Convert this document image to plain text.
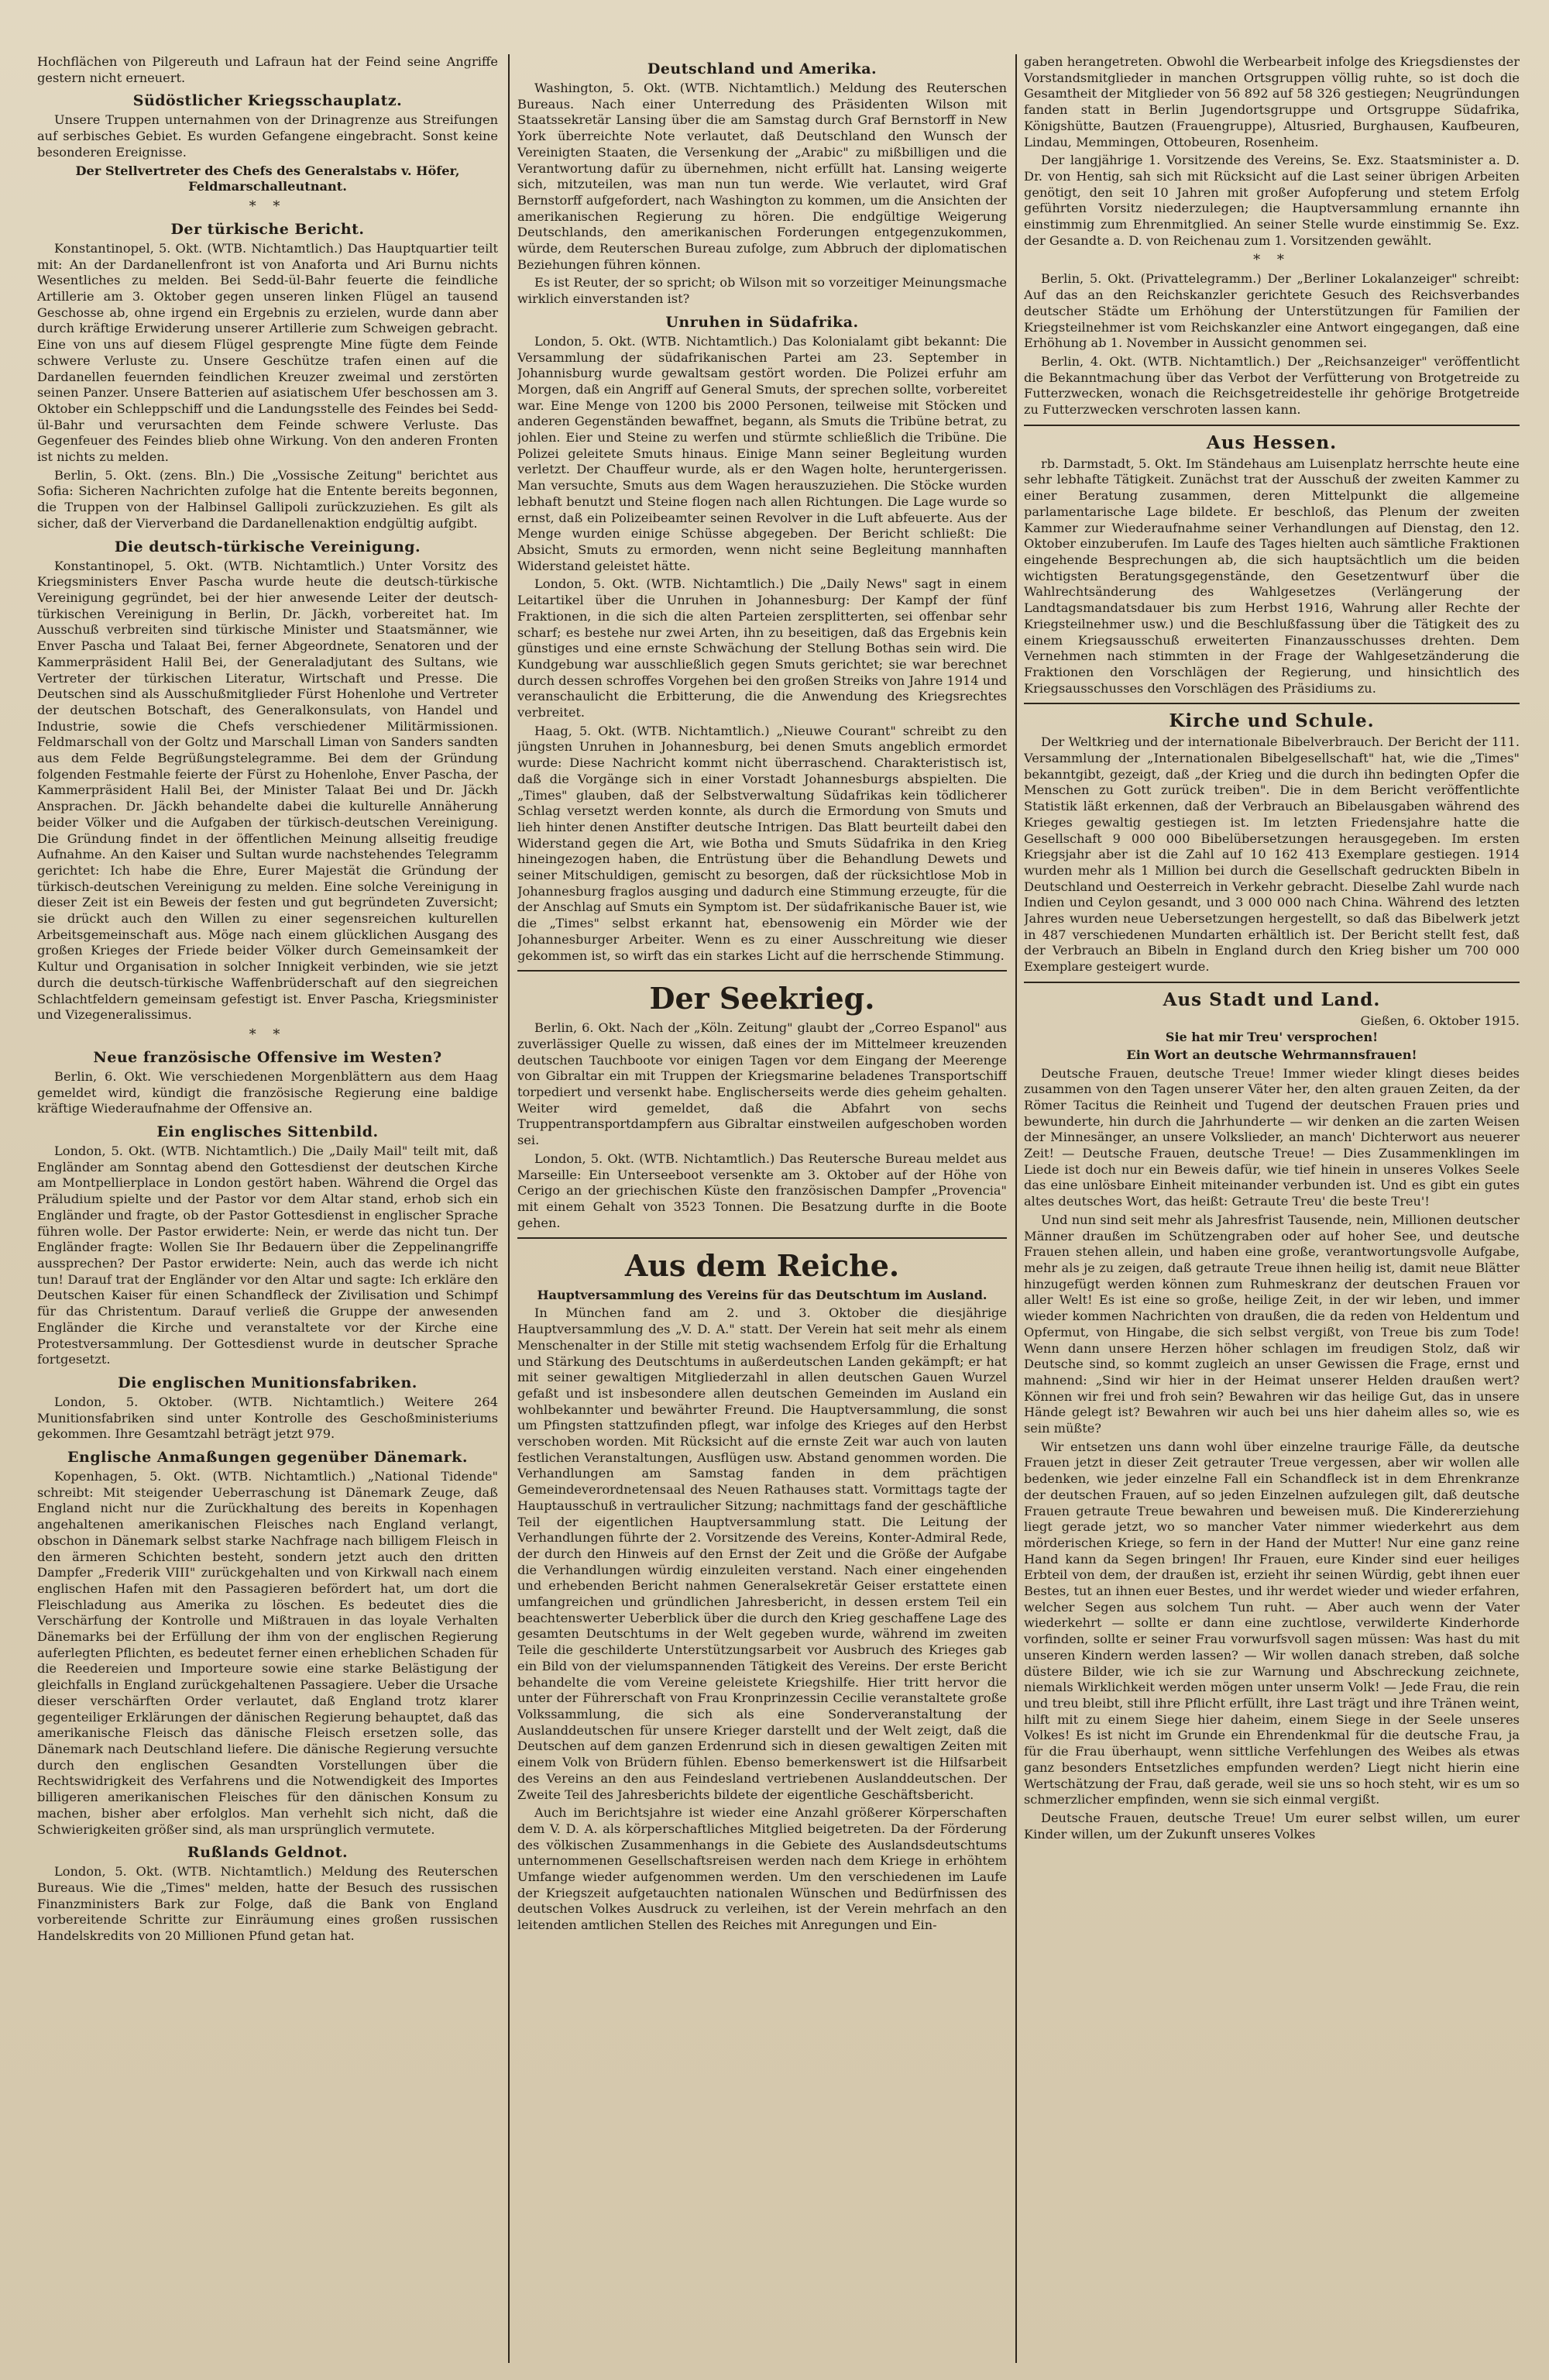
Hochflächen von Pilgereuth und Lafraun hat der Feind seine Angriffe gestern nicht erneuert.

Südöstlicher Kriegsschauplatz.

Unsere Truppen unternahmen von der Drinagrenze aus Streifungen auf serbisches Gebiet. Es wurden Gefangene eingebracht. Sonst keine besonderen Ereignisse.

Der Stellvertreter des Chefs des Generalstabs v. Höfer, Feldmarschalleutnant.

* *
Der türkische Bericht.

Konstantinopel, 5. Okt. (WTB. Nichtamtlich.) Das Hauptquartier teilt mit: An der Dardanellenfront ist von Anaforta und Ari Burnu nichts Wesentliches zu melden. Bei Sedd-ül-Bahr feuerte die feindliche Artillerie am 3. Oktober gegen unseren linken Flügel an tausend Geschosse ab, ohne irgend ein Ergebnis zu erzielen, wurde dann aber durch kräftige Erwiderung unserer Artillerie zum Schweigen gebracht. Eine von uns auf diesem Flügel gesprengte Mine fügte dem Feinde schwere Verluste zu. Unsere Geschütze trafen einen auf die Dardanellen feuernden feindlichen Kreuzer zweimal und zerstörten seinen Panzer. Unsere Batterien auf asiatischem Ufer beschossen am 3. Oktober ein Schleppschiff und die Landungsstelle des Feindes bei Sedd-ül-Bahr und verursachten dem Feinde schwere Verluste. Das Gegenfeuer des Feindes blieb ohne Wirkung. Von den anderen Fronten ist nichts zu melden.

Berlin, 5. Okt. (zens. Bln.) Die „Vossische Zeitung" berichtet aus Sofia: Sicheren Nachrichten zufolge hat die Entente bereits begonnen, die Truppen von der Halbinsel Gallipoli zurückzuziehen. Es gilt als sicher, daß der Vierverband die Dardanellenaktion endgültig aufgibt.

Die deutsch-türkische Vereinigung.

Konstantinopel, 5. Okt. (WTB. Nichtamtlich.) Unter Vorsitz des Kriegsministers Enver Pascha wurde heute die deutsch-türkische Vereinigung gegründet, bei der hier anwesende Leiter der deutsch-türkischen Vereinigung in Berlin, Dr. Jäckh, vorbereitet hat. Im Ausschuß verbreiten sind türkische Minister und Staatsmänner, wie Enver Pascha und Talaat Bei, ferner Abgeordnete, Senatoren und der Kammerpräsident Halil Bei, der Generaladjutant des Sultans, wie Vertreter der türkischen Literatur, Wirtschaft und Presse. Die Deutschen sind als Ausschußmitglieder Fürst Hohenlohe und Vertreter der deutschen Botschaft, des Generalkonsulats, von Handel und Industrie, sowie die Chefs verschiedener Militärmissionen. Feldmarschall von der Goltz und Marschall Liman von Sanders sandten aus dem Felde Begrüßungstelegramme. Bei dem der Gründung folgenden Festmahle feierte der Fürst zu Hohenlohe, Enver Pascha, der Kammerpräsident Halil Bei, der Minister Talaat Bei und Dr. Jäckh Ansprachen. Dr. Jäckh behandelte dabei die kulturelle Annäherung beider Völker und die Aufgaben der türkisch-deutschen Vereinigung. Die Gründung findet in der öffentlichen Meinung allseitig freudige Aufnahme. An den Kaiser und Sultan wurde nachstehendes Telegramm gerichtet: Ich habe die Ehre, Eurer Majestät die Gründung der türkisch-deutschen Vereinigung zu melden. Eine solche Vereinigung in dieser Zeit ist ein Beweis der festen und gut begründeten Zuversicht; sie drückt auch den Willen zu einer segensreichen kulturellen Arbeitsgemeinschaft aus. Möge nach einem glücklichen Ausgang des großen Krieges der Friede beider Völker durch Gemeinsamkeit der Kultur und Organisation in solcher Innigkeit verbinden, wie sie jetzt durch die deutsch-türkische Waffenbrüderschaft auf den siegreichen Schlachtfeldern gemeinsam gefestigt ist. Enver Pascha, Kriegsminister und Vizegeneralissimus.

* *
Neue französische Offensive im Westen?

Berlin, 6. Okt. Wie verschiedenen Morgenblättern aus dem Haag gemeldet wird, kündigt die französische Regierung eine baldige kräftige Wiederaufnahme der Offensive an.

Ein englisches Sittenbild.

London, 5. Okt. (WTB. Nichtamtlich.) Die „Daily Mail" teilt mit, daß Engländer am Sonntag abend den Gottesdienst der deutschen Kirche am Montpellierplace in London gestört haben. Während die Orgel das Präludium spielte und der Pastor vor dem Altar stand, erhob sich ein Engländer und fragte, ob der Pastor Gottesdienst in englischer Sprache führen wolle. Der Pastor erwiderte: Nein, er werde das nicht tun. Der Engländer fragte: Wollen Sie Ihr Bedauern über die Zeppelinangriffe aussprechen? Der Pastor erwiderte: Nein, auch das werde ich nicht tun! Darauf trat der Engländer vor den Altar und sagte: Ich erkläre den Deutschen Kaiser für einen Schandfleck der Zivilisation und Schimpf für das Christentum. Darauf verließ die Gruppe der anwesenden Engländer die Kirche und veranstaltete vor der Kirche eine Protestversammlung. Der Gottesdienst wurde in deutscher Sprache fortgesetzt.

Die englischen Munitionsfabriken.

London, 5. Oktober. (WTB. Nichtamtlich.) Weitere 264 Munitionsfabriken sind unter Kontrolle des Geschoßministeriums gekommen. Ihre Gesamtzahl beträgt jetzt 979.

Englische Anmaßungen gegenüber Dänemark.

Kopenhagen, 5. Okt. (WTB. Nichtamtlich.) „National Tidende" schreibt: Mit steigender Ueberraschung ist Dänemark Zeuge, daß England nicht nur die Zurückhaltung des bereits in Kopenhagen angehaltenen amerikanischen Fleisches nach England verlangt, obschon in Dänemark selbst starke Nachfrage nach billigem Fleisch in den ärmeren Schichten besteht, sondern jetzt auch den dritten Dampfer „Frederik VIII" zurückgehalten und von Kirkwall nach einem englischen Hafen mit den Passagieren befördert hat, um dort die Fleischladung aus Amerika zu löschen. Es bedeutet dies die Verschärfung der Kontrolle und Mißtrauen in das loyale Verhalten Dänemarks bei der Erfüllung der ihm von der englischen Regierung auferlegten Pflichten, es bedeutet ferner einen erheblichen Schaden für die Reedereien und Importeure sowie eine starke Belästigung der gleichfalls in England zurückgehaltenen Passagiere. Ueber die Ursache dieser verschärften Order verlautet, daß England trotz klarer gegenteiliger Erklärungen der dänischen Regierung behauptet, daß das amerikanische Fleisch das dänische Fleisch ersetzen solle, das Dänemark nach Deutschland liefere. Die dänische Regierung versuchte durch den englischen Gesandten Vorstellungen über die Rechtswidrigkeit des Verfahrens und die Notwendigkeit des Importes billigeren amerikanischen Fleisches für den dänischen Konsum zu machen, bisher aber erfolglos. Man verhehlt sich nicht, daß die Schwierigkeiten größer sind, als man ursprünglich vermutete.

Rußlands Geldnot.

London, 5. Okt. (WTB. Nichtamtlich.) Meldung des Reuterschen Bureaus. Wie die „Times" melden, hatte der Besuch des russischen Finanzministers Bark zur Folge, daß die Bank von England vorbereitende Schritte zur Einräumung eines großen russischen Handelskredits von 20 Millionen Pfund getan hat.

Deutschland und Amerika.

Washington, 5. Okt. (WTB. Nichtamtlich.) Meldung des Reuterschen Bureaus. Nach einer Unterredung des Präsidenten Wilson mit Staatssekretär Lansing über die am Samstag durch Graf Bernstorff in New York überreichte Note verlautet, daß Deutschland den Wunsch der Vereinigten Staaten, die Versenkung der „Arabic" zu mißbilligen und die Verantwortung dafür zu übernehmen, nicht erfüllt hat. Lansing weigerte sich, mitzuteilen, was man nun tun werde. Wie verlautet, wird Graf Bernstorff aufgefordert, nach Washington zu kommen, um die Ansichten der amerikanischen Regierung zu hören. Die endgültige Weigerung Deutschlands, den amerikanischen Forderungen entgegenzukommen, würde, dem Reuterschen Bureau zufolge, zum Abbruch der diplomatischen Beziehungen führen können.

Es ist Reuter, der so spricht; ob Wilson mit so vorzeitiger Meinungsmache wirklich einverstanden ist?

Unruhen in Südafrika.

London, 5. Okt. (WTB. Nichtamtlich.) Das Kolonialamt gibt bekannt: Die Versammlung der südafrikanischen Partei am 23. September in Johannisburg wurde gewaltsam gestört worden. Die Polizei erfuhr am Morgen, daß ein Angriff auf General Smuts, der sprechen sollte, vorbereitet war. Eine Menge von 1200 bis 2000 Personen, teilweise mit Stöcken und anderen Gegenständen bewaffnet, begann, als Smuts die Tribüne betrat, zu johlen. Eier und Steine zu werfen und stürmte schließlich die Tribüne. Die Polizei geleitete Smuts hinaus. Einige Mann seiner Begleitung wurden verletzt. Der Chauffeur wurde, als er den Wagen holte, heruntergerissen. Man versuchte, Smuts aus dem Wagen herauszuziehen. Die Stöcke wurden lebhaft benutzt und Steine flogen nach allen Richtungen. Die Lage wurde so ernst, daß ein Polizeibeamter seinen Revolver in die Luft abfeuerte. Aus der Menge wurden einige Schüsse abgegeben. Der Bericht schließt: Die Absicht, Smuts zu ermorden, wenn nicht seine Begleitung mannhaften Widerstand geleistet hätte.

London, 5. Okt. (WTB. Nichtamtlich.) Die „Daily News" sagt in einem Leitartikel über die Unruhen in Johannesburg: Der Kampf der fünf Fraktionen, in die sich die alten Parteien zersplitterten, sei offenbar sehr scharf; es bestehe nur zwei Arten, ihn zu beseitigen, daß das Ergebnis kein günstiges und eine ernste Schwächung der Stellung Bothas sein wird. Die Kundgebung war ausschließlich gegen Smuts gerichtet; sie war berechnet durch dessen schroffes Vorgehen bei den großen Streiks von Jahre 1914 und veranschaulicht die Erbitterung, die die Anwendung des Kriegsrechtes verbreitet.

Haag, 5. Okt. (WTB. Nichtamtlich.) „Nieuwe Courant" schreibt zu den jüngsten Unruhen in Johannesburg, bei denen Smuts angeblich ermordet wurde: Diese Nachricht kommt nicht überraschend. Charakteristisch ist, daß die Vorgänge sich in einer Vorstadt Johannesburgs abspielten. Die „Times" glauben, daß der Selbstverwaltung Südafrikas kein tödlicherer Schlag versetzt werden konnte, als durch die Ermordung von Smuts und lieh hinter denen Anstifter deutsche Intrigen. Das Blatt beurteilt dabei den Widerstand gegen die Art, wie Botha und Smuts Südafrika in den Krieg hineingezogen haben, die Entrüstung über die Behandlung Dewets und seiner Mitschuldigen, gemischt zu besorgen, daß der rücksichtlose Mob in Johannesburg fraglos ausging und dadurch eine Stimmung erzeugte, für die der Anschlag auf Smuts ein Symptom ist. Der südafrikanische Bauer ist, wie die „Times" selbst erkannt hat, ebensowenig ein Mörder wie der Johannesburger Arbeiter. Wenn es zu einer Ausschreitung wie dieser gekommen ist, so wirft das ein starkes Licht auf die herrschende Stimmung.

Der Seekrieg.

Berlin, 6. Okt. Nach der „Köln. Zeitung" glaubt der „Correo Espanol" aus zuverlässiger Quelle zu wissen, daß eines der im Mittelmeer kreuzenden deutschen Tauchboote vor einigen Tagen vor dem Eingang der Meerenge von Gibraltar ein mit Truppen der Kriegsmarine beladenes Transportschiff torpediert und versenkt habe. Englischerseits werde dies geheim gehalten. Weiter wird gemeldet, daß die Abfahrt von sechs Truppentransportdampfern aus Gibraltar einstweilen aufgeschoben worden sei.

London, 5. Okt. (WTB. Nichtamtlich.) Das Reutersche Bureau meldet aus Marseille: Ein Unterseeboot versenkte am 3. Oktober auf der Höhe von Cerigo an der griechischen Küste den französischen Dampfer „Provencia" mit einem Gehalt von 3523 Tonnen. Die Besatzung durfte in die Boote gehen.

Aus dem Reiche.
Hauptversammlung des Vereins für das Deutschtum im Ausland.

In München fand am 2. und 3. Oktober die diesjährige Hauptversammlung des „V. D. A." statt. Der Verein hat seit mehr als einem Menschenalter in der Stille mit stetig wachsendem Erfolg für die Erhaltung und Stärkung des Deutschtums in außerdeutschen Landen gekämpft; er hat mit seiner gewaltigen Mitgliederzahl in allen deutschen Gauen Wurzel gefaßt und ist insbesondere allen deutschen Gemeinden im Ausland ein wohlbekannter und bewährter Freund. Die Hauptversammlung, die sonst um Pfingsten stattzufinden pflegt, war infolge des Krieges auf den Herbst verschoben worden. Mit Rücksicht auf die ernste Zeit war auch von lauten festlichen Veranstaltungen, Ausflügen usw. Abstand genommen worden. Die Verhandlungen am Samstag fanden in dem prächtigen Gemeindeverordnetensaal des Neuen Rathauses statt. Vormittags tagte der Hauptausschuß in vertraulicher Sitzung; nachmittags fand der geschäftliche Teil der eigentlichen Hauptversammlung statt. Die Leitung der Verhandlungen führte der 2. Vorsitzende des Vereins, Konter-Admiral Rede, der durch den Hinweis auf den Ernst der Zeit und die Größe der Aufgabe die Verhandlungen würdig einzuleiten verstand. Nach einer eingehenden und erhebenden Bericht nahmen Generalsekretär Geiser erstattete einen umfangreichen und gründlichen Jahresbericht, in dessen erstem Teil ein beachtenswerter Ueberblick über die durch den Krieg geschaffene Lage des gesamten Deutschtums in der Welt gegeben wurde, während im zweiten Teile die geschilderte Unterstützungsarbeit vor Ausbruch des Krieges gab ein Bild von der vielumspannenden Tätigkeit des Vereins. Der erste Bericht behandelte die vom Vereine geleistete Kriegshilfe. Hier tritt hervor die unter der Führerschaft von Frau Kronprinzessin Cecilie veranstaltete große Volkssammlung, die sich als eine Sonderveranstaltung der Auslanddeutschen für unsere Krieger darstellt und der Welt zeigt, daß die Deutschen auf dem ganzen Erdenrund sich in diesen gewaltigen Zeiten mit einem Volk von Brüdern fühlen. Ebenso bemerkenswert ist die Hilfsarbeit des Vereins an den aus Feindesland vertriebenen Auslanddeutschen. Der Zweite Teil des Jahresberichts bildete der eigentliche Geschäftsbericht.

Auch im Berichtsjahre ist wieder eine Anzahl größerer Körperschaften dem V. D. A. als körperschaftliches Mitglied beigetreten. Da der Förderung des völkischen Zusammenhangs in die Gebiete des Auslandsdeutschtums unternommenen Gesellschaftsreisen werden nach dem Kriege in erhöhtem Umfange wieder aufgenommen werden. Um den verschiedenen im Laufe der Kriegszeit aufgetauchten nationalen Wünschen und Bedürfnissen des deutschen Volkes Ausdruck zu verleihen, ist der Verein mehrfach an den leitenden amtlichen Stellen des Reiches mit Anregungen und Ein-

gaben herangetreten. Obwohl die Werbearbeit infolge des Kriegsdienstes der Vorstandsmitglieder in manchen Ortsgruppen völlig ruhte, so ist doch die Gesamtheit der Mitglieder von 56 892 auf 58 326 gestiegen; Neugründungen fanden statt in Berlin Jugendortsgruppe und Ortsgruppe Südafrika, Königshütte, Bautzen (Frauengruppe), Altusried, Burghausen, Kaufbeuren, Lindau, Memmingen, Ottobeuren, Rosenheim.

Der langjährige 1. Vorsitzende des Vereins, Se. Exz. Staatsminister a. D. Dr. von Hentig, sah sich mit Rücksicht auf die Last seiner übrigen Arbeiten genötigt, den seit 10 Jahren mit großer Aufopferung und stetem Erfolg geführten Vorsitz niederzulegen; die Hauptversammlung ernannte ihn einstimmig zum Ehrenmitglied. An seiner Stelle wurde einstimmig Se. Exz. der Gesandte a. D. von Reichenau zum 1. Vorsitzenden gewählt.

* *

Berlin, 5. Okt. (Privattelegramm.) Der „Berliner Lokalanzeiger" schreibt: Auf das an den Reichskanzler gerichtete Gesuch des Reichsverbandes deutscher Städte um Erhöhung der Unterstützungen für Familien der Kriegsteilnehmer ist vom Reichskanzler eine Antwort eingegangen, daß eine Erhöhung ab 1. November in Aussicht genommen sei.

Berlin, 4. Okt. (WTB. Nichtamtlich.) Der „Reichsanzeiger" veröffentlicht die Bekanntmachung über das Verbot der Verfütterung von Brotgetreide zu Futterzwecken, wonach die Reichsgetreidestelle ihr gehörige Brotgetreide zu Futterzwecken verschroten lassen kann.

Aus Hessen.

rb. Darmstadt, 5. Okt. Im Ständehaus am Luisenplatz herrschte heute eine sehr lebhafte Tätigkeit. Zunächst trat der Ausschuß der zweiten Kammer zu einer Beratung zusammen, deren Mittelpunkt die allgemeine parlamentarische Lage bildete. Er beschloß, das Plenum der zweiten Kammer zur Wiederaufnahme seiner Verhandlungen auf Dienstag, den 12. Oktober einzuberufen. Im Laufe des Tages hielten auch sämtliche Fraktionen eingehende Besprechungen ab, die sich hauptsächtlich um die beiden wichtigsten Beratungsgegenstände, den Gesetzentwurf über die Wahlrechtsänderung des Wahlgesetzes (Verlängerung der Landtagsmandatsdauer bis zum Herbst 1916, Wahrung aller Rechte der Kriegsteilnehmer usw.) und die Beschlußfassung über die Tätigkeit des zu einem Kriegsausschuß erweiterten Finanzausschusses drehten. Dem Vernehmen nach stimmten in der Frage der Wahlgesetzänderung die Fraktionen den Vorschlägen der Regierung, und hinsichtlich des Kriegsausschusses den Vorschlägen des Präsidiums zu.

Kirche und Schule.

Der Weltkrieg und der internationale Bibelverbrauch. Der Bericht der 111. Versammlung der „Internationalen Bibelgesellschaft" hat, wie die „Times" bekanntgibt, gezeigt, daß „der Krieg und die durch ihn bedingten Opfer die Menschen zu Gott zurück treiben". Die in dem Bericht veröffentlichte Statistik läßt erkennen, daß der Verbrauch an Bibelausgaben während des Krieges gewaltig gestiegen ist. Im letzten Friedensjahre hatte die Gesellschaft 9 000 000 Bibelübersetzungen herausgegeben. Im ersten Kriegsjahr aber ist die Zahl auf 10 162 413 Exemplare gestiegen. 1914 wurden mehr als 1 Million bei durch die Gesellschaft gedruckten Bibeln in Deutschland und Oesterreich in Verkehr gebracht. Dieselbe Zahl wurde nach Indien und Ceylon gesandt, und 3 000 000 nach China. Während des letzten Jahres wurden neue Uebersetzungen hergestellt, so daß das Bibelwerk jetzt in 487 verschiedenen Mundarten erhältlich ist. Der Bericht stellt fest, daß der Verbrauch an Bibeln in England durch den Krieg bisher um 700 000 Exemplare gesteigert wurde.

Aus Stadt und Land.
Gießen, 6. Oktober 1915.
Sie hat mir Treu' versprochen!

Ein Wort an deutsche Wehrmannsfrauen!

Deutsche Frauen, deutsche Treue! Immer wieder klingt dieses beides zusammen von den Tagen unserer Väter her, den alten grauen Zeiten, da der Römer Tacitus die Reinheit und Tugend der deutschen Frauen pries und bewunderte, hin durch die Jahrhunderte — wir denken an die zarten Weisen der Minnesänger, an unsere Volkslieder, an manch' Dichterwort aus neuerer Zeit! — Deutsche Frauen, deutsche Treue! — Dies Zusammenklingen im Liede ist doch nur ein Beweis dafür, wie tief hinein in unseres Volkes Seele das eine unlösbare Einheit miteinander verbunden ist. Und es gibt ein gutes altes deutsches Wort, das heißt: Getraute Treu' die beste Treu'!

Und nun sind seit mehr als Jahresfrist Tausende, nein, Millionen deutscher Männer draußen im Schützengraben oder auf hoher See, und deutsche Frauen stehen allein, und haben eine große, verantwortungsvolle Aufgabe, mehr als je zu zeigen, daß getraute Treue ihnen heilig ist, damit neue Blätter hinzugefügt werden können zum Ruhmeskranz der deutschen Frauen vor aller Welt! Es ist eine so große, heilige Zeit, in der wir leben, und immer wieder kommen Nachrichten von draußen, die da reden von Heldentum und Opfermut, von Hingabe, die sich selbst vergißt, von Treue bis zum Tode! Wenn dann unsere Herzen höher schlagen im freudigen Stolz, daß wir Deutsche sind, so kommt zugleich an unser Gewissen die Frage, ernst und mahnend: „Sind wir hier in der Heimat unserer Helden draußen wert? Können wir frei und froh sein? Bewahren wir das heilige Gut, das in unsere Hände gelegt ist? Bewahren wir auch bei uns hier daheim alles so, wie es sein müßte?

Wir entsetzen uns dann wohl über einzelne traurige Fälle, da deutsche Frauen jetzt in dieser Zeit getrauter Treue vergessen, aber wir wollen alle bedenken, wie jeder einzelne Fall ein Schandfleck ist in dem Ehrenkranze der deutschen Frauen, auf so jeden Einzelnen aufzulegen gilt, daß deutsche Frauen getraute Treue bewahren und beweisen muß. Die Kindererziehung liegt gerade jetzt, wo so mancher Vater nimmer wiederkehrt aus dem mörderischen Kriege, so fern in der Hand der Mutter! Nur eine ganz reine Hand kann da Segen bringen! Ihr Frauen, eure Kinder sind euer heiliges Erbteil von dem, der draußen ist, erzieht ihr seinen Würdig, gebt ihnen euer Bestes, tut an ihnen euer Bestes, und ihr werdet wieder und wieder erfahren, welcher Segen aus solchem Tun ruht. — Aber auch wenn der Vater wiederkehrt — sollte er dann eine zuchtlose, verwilderte Kinderhorde vorfinden, sollte er seiner Frau vorwurfsvoll sagen müssen: Was hast du mit unseren Kindern werden lassen? — Wir wollen danach streben, daß solche düstere Bilder, wie ich sie zur Warnung und Abschreckung zeichnete, niemals Wirklichkeit werden mögen unter unserm Volk! — Jede Frau, die rein und treu bleibt, still ihre Pflicht erfüllt, ihre Last trägt und ihre Tränen weint, hilft mit zu einem Siege hier daheim, einem Siege in der Seele unseres Volkes! Es ist nicht im Grunde ein Ehrendenkmal für die deutsche Frau, ja für die Frau überhaupt, wenn sittliche Verfehlungen des Weibes als etwas ganz besonders Entsetzliches empfunden werden? Liegt nicht hierin eine Wertschätzung der Frau, daß gerade, weil sie uns so hoch steht, wir es um so schmerzlicher empfinden, wenn sie sich einmal vergißt.

Deutsche Frauen, deutsche Treue! Um eurer selbst willen, um eurer Kinder willen, um der Zukunft unseres Volkes
